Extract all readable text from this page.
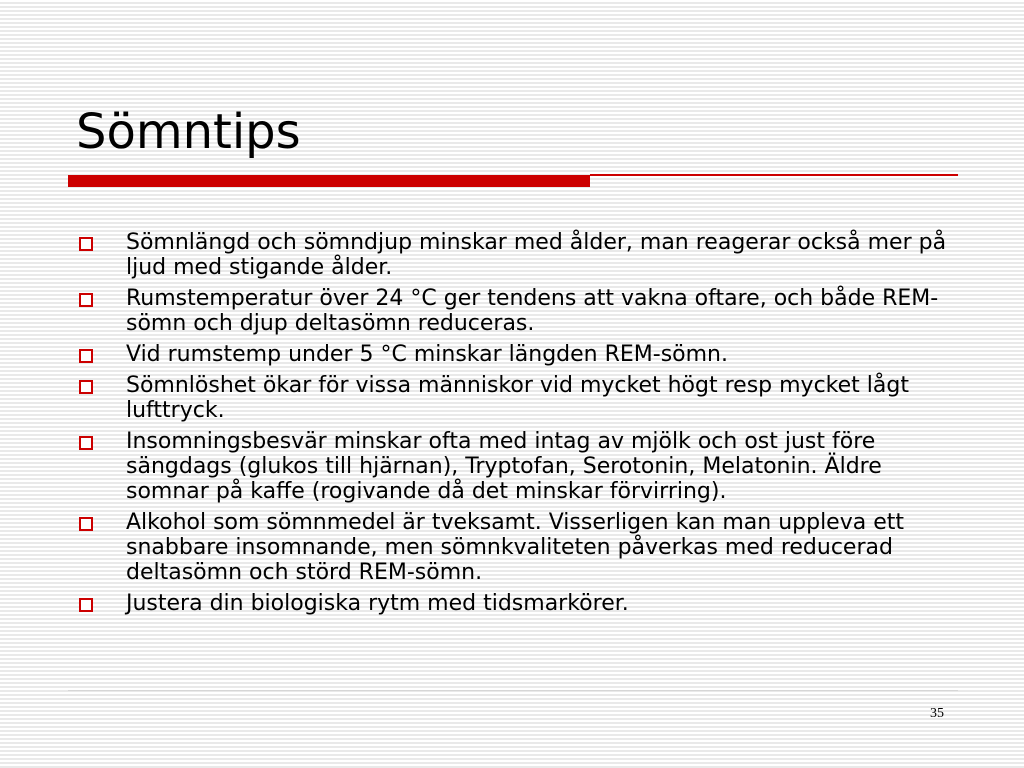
Sömntips
Sömnlängd och sömndjup minskar med ålder, man reagerar också mer på ljud med stigande ålder.
Rumstemperatur över 24 °C ger tendens att vakna oftare, och både REM-sömn och djup deltasömn reduceras.
Vid rumstemp under 5 °C minskar längden REM-sömn.
Sömnlöshet ökar för vissa människor vid mycket högt resp mycket lågt lufttryck.
Insomningsbesvär minskar ofta med intag av mjölk och ost just före sängdags (glukos till hjärnan), Tryptofan, Serotonin, Melatonin. Äldre somnar på kaffe (rogivande då det minskar förvirring).
Alkohol som sömnmedel är tveksamt. Visserligen kan man uppleva ett snabbare insomnande, men sömnkvaliteten påverkas med reducerad deltasömn och störd REM-sömn.
Justera din biologiska rytm med tidsmarkörer.
35
